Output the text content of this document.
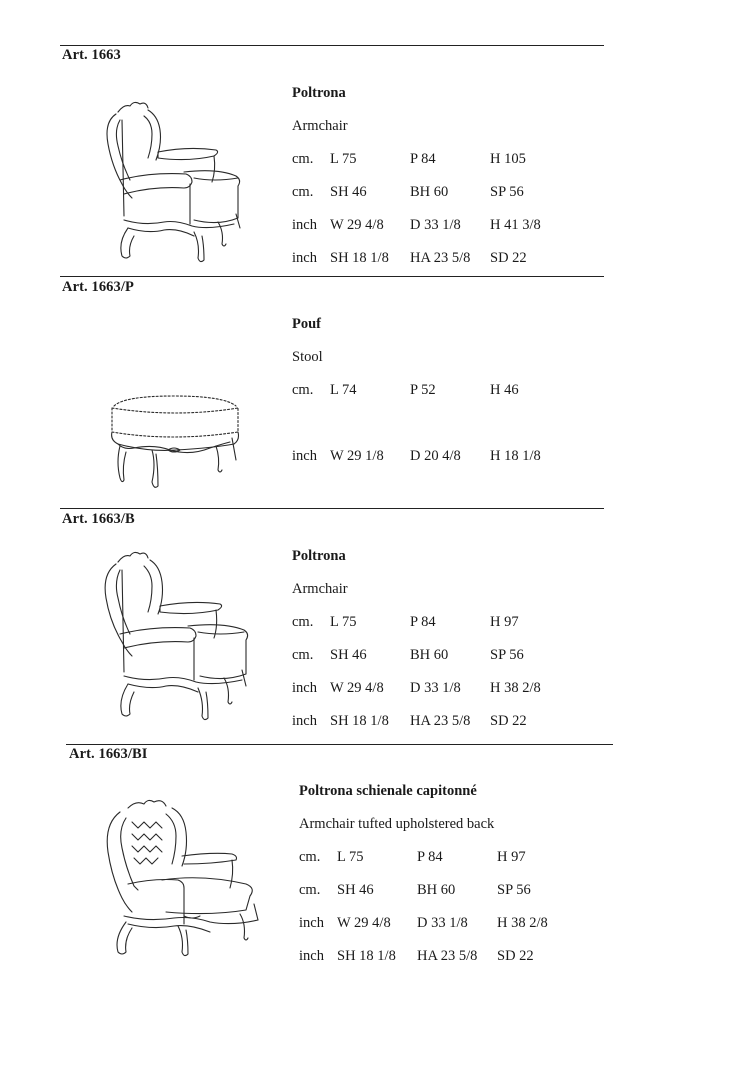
Art. 1663
Poltrona
Armchair
cm. L 75	P 84	H 105
cm. SH 46	BH 60	SP 56
inch W 29 4/8 D 33 1/8 H 41 3/8
inch SH 18 1/8 HA 23 5/8 SD 22
Art. 1663/P
Pouf
Stool
cm. L 74	P 52	H 46
inch W 29 1/8 D 20 4/8 H 18 1/8
Art. 1663/B
Poltrona
Armchair
cm. L 75	P 84	H 97
cm. SH 46	BH 60	SP 56
inch W 29 4/8 D 33 1/8 H 38 2/8
inch SH 18 1/8 HA 23 5/8 SD 22
Art. 1663/BI
Poltrona schienale capitonné
Armchair tufted upholstered back
cm. L 75	P 84	H 97
cm. SH 46	BH 60	SP 56
inch W 29 4/8 D 33 1/8 H 38 2/8
inch SH 18 1/8 HA 23 5/8 SD 22
